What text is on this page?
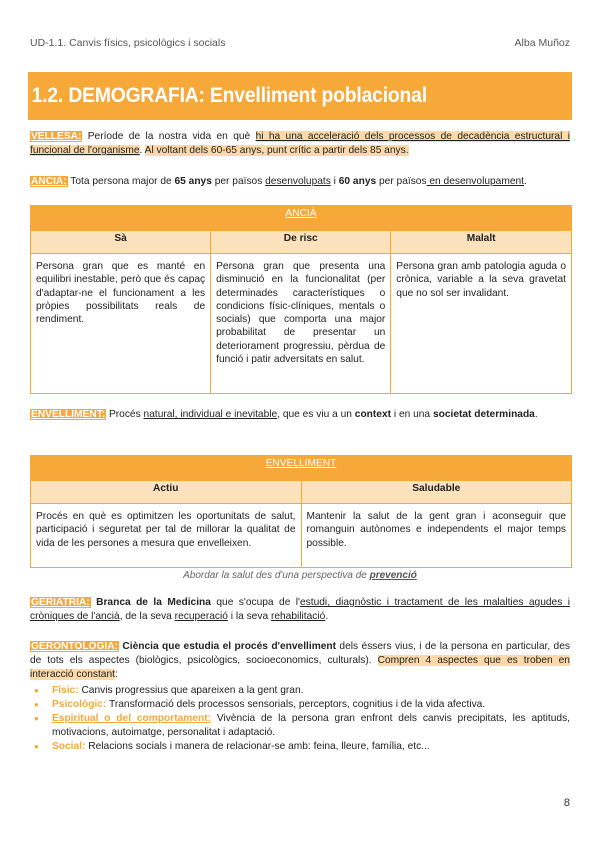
UD-1.1. Canvis físics, psicològics i socials	Alba Muñoz
1.2. DEMOGRAFIA: Envelliment poblacional
VELLESA: Període de la nostra vida en què hi ha una acceleració dels processos de decadència estructural i funcional de l'organisme. Al voltant dels 60-65 anys, punt crític a partir dels 85 anys.
ANCIÀ: Tota persona major de 65 anys per països desenvolupats i 60 anys per països en desenvolupament.
ANCIÀ		
Sà	De risc	Malalt
Persona gran que es manté en equilibri inestable, però que és capaç d'adaptar-ne el funcionament a les pròpies possibilitats reals de rendiment.	Persona gran que presenta una disminució en la funcionalitat (per determinades característiques o condicions físic-clíniques, mentals o socials) que comporta una major probabilitat de presentar un deteriorament progressiu, pèrdua de funció i patir adversitats en salut.	Persona gran amb patologia aguda o crònica, variable a la seva gravetat que no sol ser invalidant.
ENVELLIMENT: Procés natural, individual e inevitable, que es viu a un context i en una societat determinada.
ENVELLIMENT	
Actiu	Saludable
Procés en què es optimitzen les oportunitats de salut, participació i seguretat per tal de millorar la qualitat de vida de les persones a mesura que envelleixen.	Mantenir la salut de la gent gran i aconseguir que romanguin autònomes e independents el major temps possible.
Abordar la salut des d'una perspectiva de prevenció
GERIATRIA: Branca de la Medicina que s'ocupa de l'estudi, diagnòstic i tractament de les malalties agudes i cròniques de l'ancià, de la seva recuperació i la seva rehabilitació.
GERONTOLOGIA: Ciència que estudia el procés d'envelliment dels éssers vius, i de la persona en particular, des de tots els aspectes (biològics, psicològics, socioeconomics, culturals). Compren 4 aspectes que es troben en interacció constant:
● Físic: Canvis progressius que apareixen a la gent gran.
● Psicològic: Transformació dels processos sensorials, perceptors, cognitius i de la vida afectiva.
● Espiritual o del comportament: Vivència de la persona gran enfront dels canvis precipitats, les aptituds, motivacions, autoimatge, personalitat i adaptació.
● Social: Relacions socials i manera de relacionar-se amb: feina, lleure, família, etc...
8
